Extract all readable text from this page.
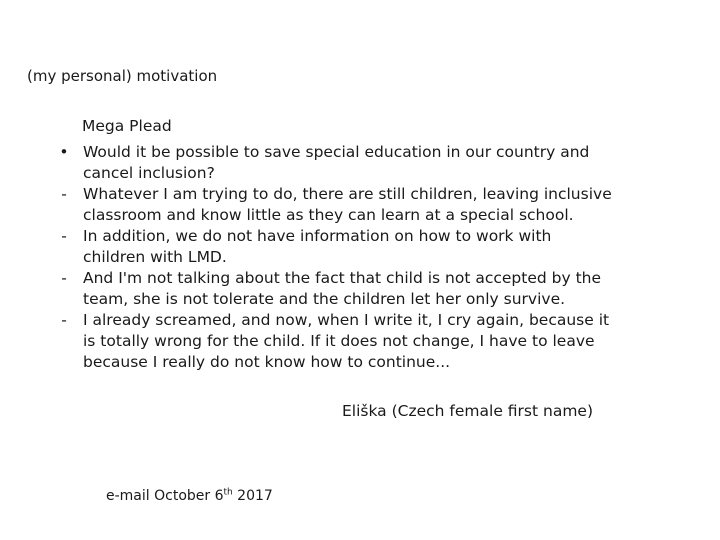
(my personal) motivation
Mega Plead
• Would it be possible to save special education in our country and
cancel inclusion?
-	Whatever I am trying to do, there are still children, leaving inclusive
classroom and know little as they can learn at a special school.
-	In addition, we do not have information on how to work with
children with LMD.
-	And I'm not talking about the fact that child is not accepted by the
team, she is not tolerate and the children let her only survive.
-	I already screamed, and now, when I write it, I cry again, because it
is totally wrong for the child. If it does not change, I have to leave
because I really do not know how to continue...
Eliška (Czech female first name)
e-mail October 6th 2017
